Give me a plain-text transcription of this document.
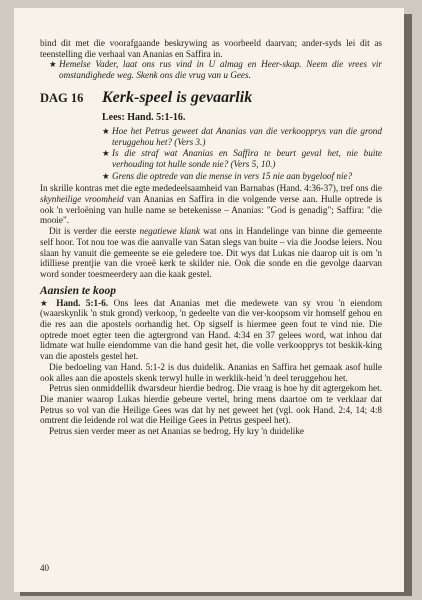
bind dit met die voorafgaande beskrywing as voorbeeld daarvan; ander-syds lei dit as teenstelling die verhaal van Ananias en Saffira in.

★ Hemelse Vader, laat ons rus vind in U almag en Heer-skap. Neem die vrees vir omstandighede weg. Skenk ons die vrug van u Gees.
DAG 16	Kerk-speel is gevaarlik
Lees: Hand. 5:1-16.
★ Hoe het Petrus geweet dat Ananias van die verkoopprys van die grond teruggehou het? (Vers 3.)
★ Is die straf wat Ananias en Saffira te beurt geval het, nie buite verhouding tot hulle sonde nie? (Vers 5, 10.)
★ Grens die optrede van die mense in vers 15 nie aan bygeloof nie?

In skrille kontras met die egte mededeelsaamheid van Barnabas (Hand. 4:36-37), tref ons die skynheilige vroomheid van Ananias en Saffira in die volgende verse aan. Hulle optrede is ook 'n verloëning van hulle name se betekenisse – Ananias: "God is genadig"; Saffira: "die mooie".

Dit is verder die eerste negatiewe klank wat ons in Handelinge van binne die gemeente self hoor. Tot nou toe was die aanvalle van Satan slegs van buite – via die Joodse leiers. Nou slaan hy vanuit die gemeente se eie geledere toe. Dit wys dat Lukas nie daarop uit is om 'n idilliese prentjie van die vroeë kerk te skilder nie. Ook die sonde en die gevolge daarvan word sonder toesmeerdery aan die kaak gestel.

Aansien te koop

★ Hand. 5:1-6. Ons lees dat Ananias met die medewete van sy vrou 'n eiendom (waarskynlik 'n stuk grond) verkoop, 'n gedeelte van die ver-koopsom vir homself gehou en die res aan die apostels oorhandig het. Op sigself is hiermee geen fout te vind nie. Die optrede moet egter teen die agtergrond van Hand. 4:34 en 37 gelees word, wat inhou dat lidmate wat hulle eiendomme van die hand gesit het, die volle verkoopprys tot beskik-king van die apostels gestel het.

Die bedoeling van Hand. 5:1-2 is dus duidelik. Ananias en Saffira het gemaak asof hulle ook alles aan die apostels skenk terwyl hulle in werklik-heid 'n deel teruggehou het.

Petrus sien onmiddellik dwarsdeur hierdie bedrog. Die vraag is hoe hy dit agtergekom het. Die manier waarop Lukas hierdie gebeure vertel, bring mens daartoe om te verklaar dat Petrus so vol van die Heilige Gees was dat hy net geweet het (vgl. ook Hand. 2:4, 14; 4:8 omtrent die leidende rol wat die Heilige Gees in Petrus gespeel het).

Petrus sien verder meer as net Ananias se bedrog. Hy kry 'n duidelike

40
